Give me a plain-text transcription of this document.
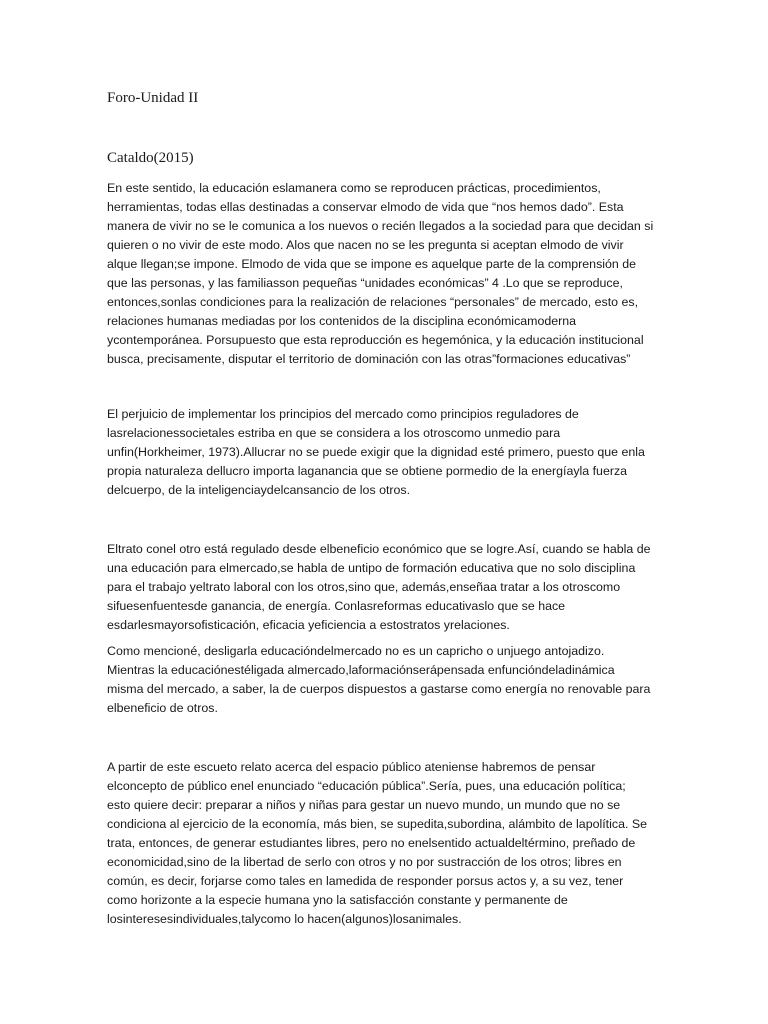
Foro-Unidad II
Cataldo(2015)

En este sentido, la educación eslamanera como se reproducen prácticas, procedimientos,
herramientas, todas ellas destinadas a conservar elmodo de vida que “nos hemos dado”. Esta
manera de vivir no se le comunica a los nuevos o recién llegados a la sociedad para que decidan si
quieren o no vivir de este modo. Alos que nacen no se les pregunta si aceptan elmodo de vivir
alque llegan;se impone. Elmodo de vida que se impone es aquelque parte de la comprensión de
que las personas, y las familiasson pequeñas “unidades económicas” 4 .Lo que se reproduce,
entonces,sonlas condiciones para la realización de relaciones “personales” de mercado, esto es,
relaciones humanas mediadas por los contenidos de la disciplina económicamoderna
ycontemporánea. Porsupuesto que esta reproducción es hegemónica, y la educación institucional
busca, precisamente, disputar el territorio de dominación con las otras”formaciones educativas”

El perjuicio de implementar los principios del mercado como principios reguladores de
lasrelacionessocietales estriba en que se considera a los otroscomo unmedio para
unfin(Horkheimer, 1973).Allucrar no se puede exigir que la dignidad esté primero, puesto que enla
propia naturaleza dellucro importa laganancia que se obtiene pormedio de la energíayla fuerza
delcuerpo, de la inteligenciaydelcansancio de los otros.

Eltrato conel otro está regulado desde elbeneficio económico que se logre.Así, cuando se habla de
una educación para elmercado,se habla de untipo de formación educativa que no solo disciplina
para el trabajo yeltrato laboral con los otros,sino que, además,enseñaa tratar a los otroscomo
sifuesenfuentesde ganancia, de energía. Conlasreformas educativaslo que se hace
esdarlesmayorsofisticación, eficacia yeficiencia a estostratos yrelaciones.

Como mencioné, desligarla educacióndelmercado no es un capricho o unjuego antojadizo.
Mientras la educaciónestéligada almercado,laformaciónserápensada enfuncióndeladinámica
misma del mercado, a saber, la de cuerpos dispuestos a gastarse como energía no renovable para
elbeneficio de otros.

A partir de este escueto relato acerca del espacio público ateniense habremos de pensar
elconcepto de público enel enunciado “educación pública”.Sería, pues, una educación política;
esto quiere decir: preparar a niños y niñas para gestar un nuevo mundo, un mundo que no se
condiciona al ejercicio de la economía, más bien, se supedita,subordina, alámbito de lapolítica. Se
trata, entonces, de generar estudiantes libres, pero no enelsentido actualdeltérmino, preñado de
economicidad,sino de la libertad de serlo con otros y no por sustracción de los otros; libres en
común, es decir, forjarse como tales en lamedida de responder porsus actos y, a su vez, tener
como horizonte a la especie humana yno la satisfacción constante y permanente de
losinteresesindividuales,talycomo lo hacen(algunos)losanimales.
